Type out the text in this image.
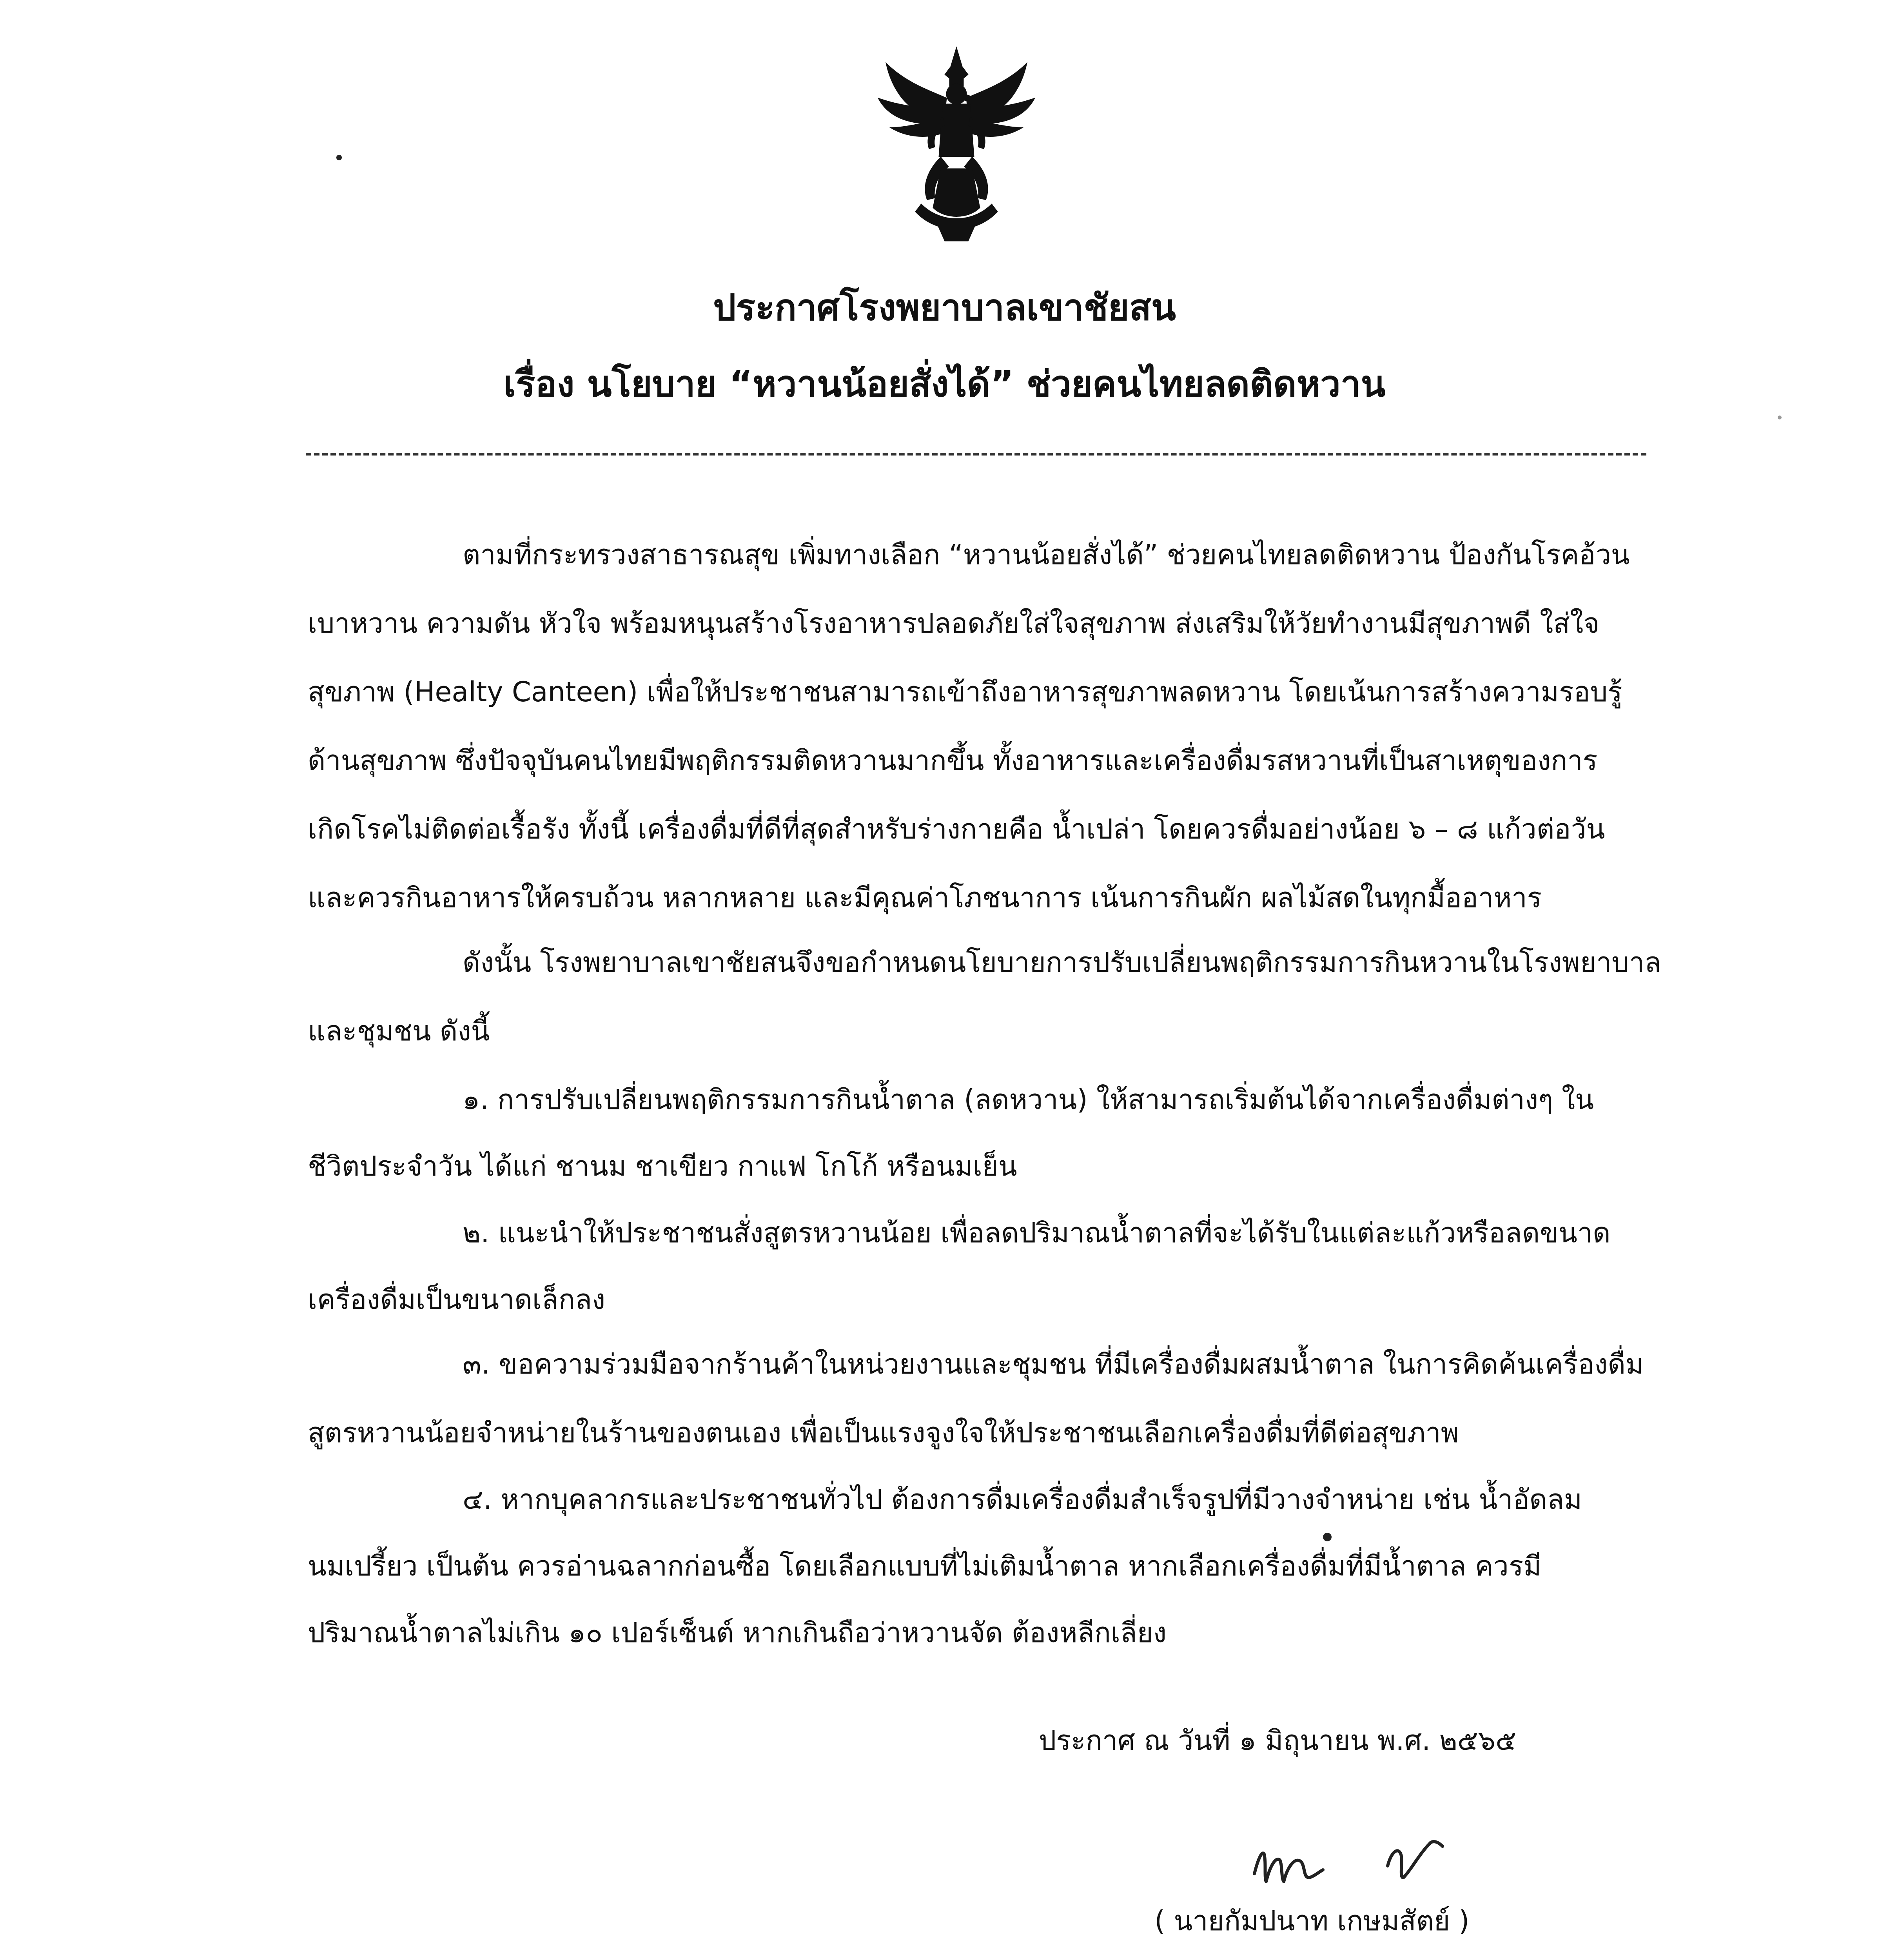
ประกาศโรงพยาบาลเขาชัยสน
เรื่อง นโยบาย “หวานน้อยสั่งได้” ช่วยคนไทยลดติดหวาน
ตามที่กระทรวงสาธารณสุข เพิ่มทางเลือก “หวานน้อยสั่งได้” ช่วยคนไทยลดติดหวาน ป้องกันโรคอ้วน
เบาหวาน ความดัน หัวใจ พร้อมหนุนสร้างโรงอาหารปลอดภัยใส่ใจสุขภาพ ส่งเสริมให้วัยทำงานมีสุขภาพดี ใส่ใจ
สุขภาพ (Healty Canteen) เพื่อให้ประชาชนสามารถเข้าถึงอาหารสุขภาพลดหวาน โดยเน้นการสร้างความรอบรู้
ด้านสุขภาพ ซึ่งปัจจุบันคนไทยมีพฤติกรรมติดหวานมากขึ้น ทั้งอาหารและเครื่องดื่มรสหวานที่เป็นสาเหตุของการ
เกิดโรคไม่ติดต่อเรื้อรัง ทั้งนี้ เครื่องดื่มที่ดีที่สุดสำหรับร่างกายคือ น้ำเปล่า โดยควรดื่มอย่างน้อย ๖ – ๘ แก้วต่อวัน
และควรกินอาหารให้ครบถ้วน หลากหลาย และมีคุณค่าโภชนาการ เน้นการกินผัก ผลไม้สดในทุกมื้ออาหาร
ดังนั้น โรงพยาบาลเขาชัยสนจึงขอกำหนดนโยบายการปรับเปลี่ยนพฤติกรรมการกินหวานในโรงพยาบาล
และชุมชน ดังนี้
๑. การปรับเปลี่ยนพฤติกรรมการกินน้ำตาล (ลดหวาน) ให้สามารถเริ่มต้นได้จากเครื่องดื่มต่างๆ ใน
ชีวิตประจำวัน ได้แก่ ชานม ชาเขียว กาแฟ โกโก้ หรือนมเย็น
๒. แนะนำให้ประชาชนสั่งสูตรหวานน้อย เพื่อลดปริมาณน้ำตาลที่จะได้รับในแต่ละแก้วหรือลดขนาด
เครื่องดื่มเป็นขนาดเล็กลง
๓. ขอความร่วมมือจากร้านค้าในหน่วยงานและชุมชน ที่มีเครื่องดื่มผสมน้ำตาล ในการคิดค้นเครื่องดื่ม
สูตรหวานน้อยจำหน่ายในร้านของตนเอง เพื่อเป็นแรงจูงใจให้ประชาชนเลือกเครื่องดื่มที่ดีต่อสุขภาพ
๔. หากบุคลากรและประชาชนทั่วไป ต้องการดื่มเครื่องดื่มสำเร็จรูปที่มีวางจำหน่าย เช่น น้ำอัดลม
นมเปรี้ยว เป็นต้น ควรอ่านฉลากก่อนซื้อ โดยเลือกแบบที่ไม่เติมน้ำตาล หากเลือกเครื่องดื่มที่มีน้ำตาล ควรมี
ปริมาณน้ำตาลไม่เกิน ๑๐ เปอร์เซ็นต์ หากเกินถือว่าหวานจัด ต้องหลีกเลี่ยง
ประกาศ ณ วันที่ ๑ มิถุนายน พ.ศ. ๒๕๖๕
( นายกัมปนาท เกษมสัตย์ )
